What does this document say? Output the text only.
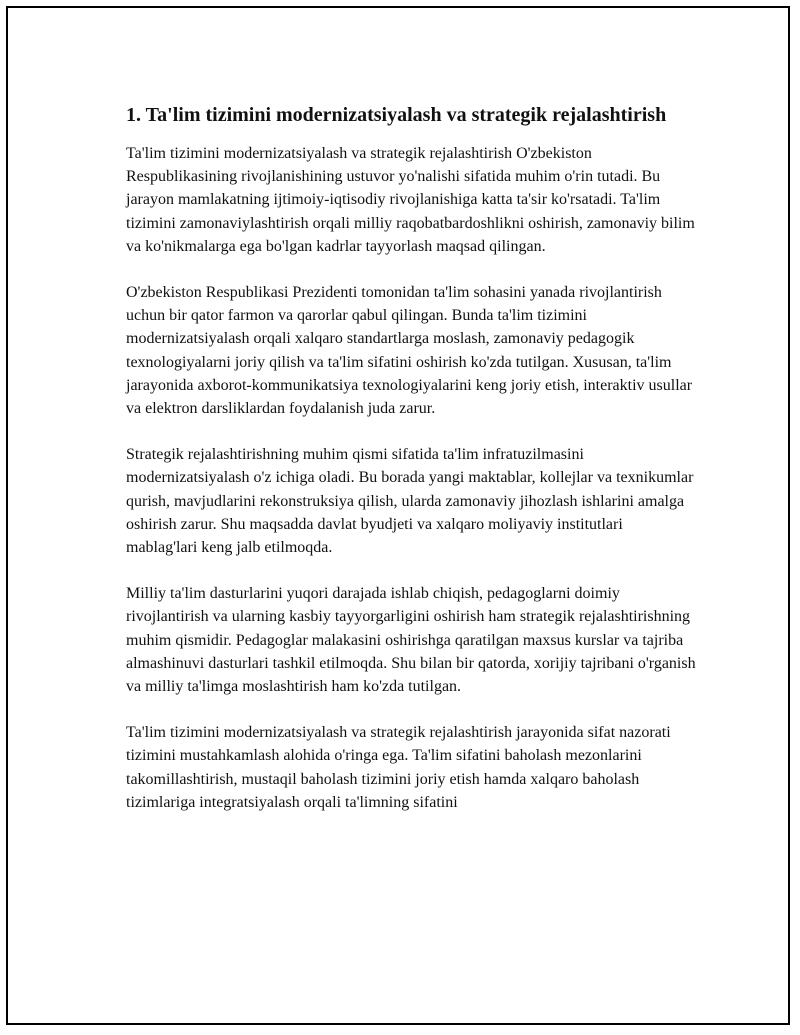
1. Ta'lim tizimini modernizatsiyalash va strategik rejalashtirish

Ta'lim tizimini modernizatsiyalash va strategik rejalashtirish O'zbekiston Respublikasining rivojlanishining ustuvor yo'nalishi sifatida muhim o'rin tutadi. Bu jarayon mamlakatning ijtimoiy-iqtisodiy rivojlanishiga katta ta'sir ko'rsatadi. Ta'lim tizimini zamonaviylashtirish orqali milliy raqobatbardoshlikni oshirish, zamonaviy bilim va ko'nikmalarga ega bo'lgan kadrlar tayyorlash maqsad qilingan.

O'zbekiston Respublikasi Prezidenti tomonidan ta'lim sohasini yanada rivojlantirish uchun bir qator farmon va qarorlar qabul qilingan. Bunda ta'lim tizimini modernizatsiyalash orqali xalqaro standartlarga moslash, zamonaviy pedagogik texnologiyalarni joriy qilish va ta'lim sifatini oshirish ko'zda tutilgan. Xususan, ta'lim jarayonida axborot-kommunikatsiya texnologiyalarini keng joriy etish, interaktiv usullar va elektron darsliklardan foydalanish juda zarur.

Strategik rejalashtirishning muhim qismi sifatida ta'lim infratuzilmasini modernizatsiyalash o'z ichiga oladi. Bu borada yangi maktablar, kollejlar va texnikumlar qurish, mavjudlarini rekonstruksiya qilish, ularda zamonaviy jihozlash ishlarini amalga oshirish zarur. Shu maqsadda davlat byudjeti va xalqaro moliyaviy institutlari mablag'lari keng jalb etilmoqda.

Milliy ta'lim dasturlarini yuqori darajada ishlab chiqish, pedagoglarni doimiy rivojlantirish va ularning kasbiy tayyorgarligini oshirish ham strategik rejalashtirishning muhim qismidir. Pedagoglar malakasini oshirishga qaratilgan maxsus kurslar va tajriba almashinuvi dasturlari tashkil etilmoqda. Shu bilan bir qatorda, xorijiy tajribani o'rganish va milliy ta'limga moslashtirish ham ko'zda tutilgan.

Ta'lim tizimini modernizatsiyalash va strategik rejalashtirish jarayonida sifat nazorati tizimini mustahkamlash alohida o'ringa ega. Ta'lim sifatini baholash mezonlarini takomillashtirish, mustaqil baholash tizimini joriy etish hamda xalqaro baholash tizimlariga integratsiyalash orqali ta'limning sifatini
